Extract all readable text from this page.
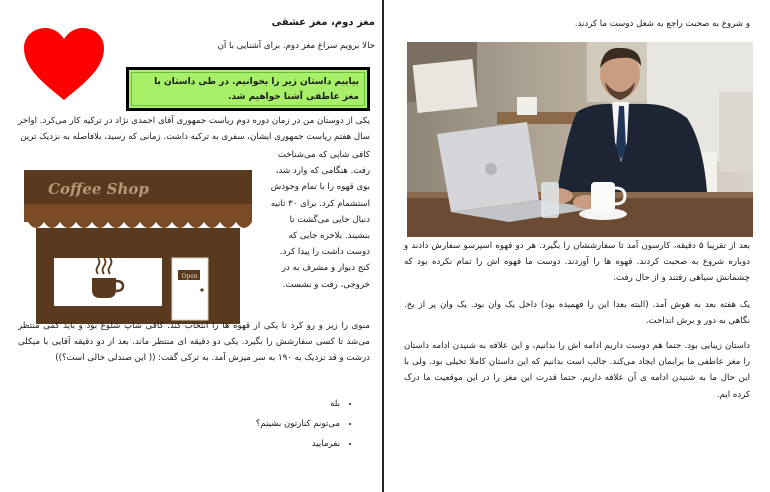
مغز دوم، مغز عشقی
حالا برویم سراغ مغز دوم. برای آشنایی با آن
بیاییم داستان زیر را بخوانیم. در طی داستان با مغز عاطفی آشنا خواهیم شد.
یکی از دوستان من در زمان دوره دوم ریاست جمهوری آقای احمدی نژاد در ترکیه کار می‌کرد. اواخر سال هفتم ریاست جمهوری ایشان، سفری به ترکیه داشت. زمانی که رسید، بلافاصله به نزدیک ترین
کافی شاپی که می‌شناخت
رفت. هنگامی که وارد شد،
بوی قهوه را با تمام وجودش
استشمام کرد. برای ۳۰ ثانیه
دنبال جایی می‌گشت تا
بنشیند. بلاخره جایی که
دوست داشت را پیدا کرد.
کنج دیوار و مشرف به در
خروجی، رفت و نشست.
Coffee Shop
Open
منوی را زیر و رو کرد تا یکی از قهوه ها را انتخاب کند. کافی شاپ شلوغ بود و باید کمی منتظر می‌شد تا کسی سفارشش را بگیرد. یکی دو دقیقه ای منتظر ماند. بعد از دو دقیقه آقایی با میکلی درشت و قد نزدیک به ۱۹۰ به سر میزش آمد. به ترکی گفت: (( این صندلی خالی است؟))
• بله
• می‌تونم کنارتون بشینم؟
• بفرمایید
و شروع به صحبت راجع به شغل دوست ما کردند.
بعد از تقریبا ۵ دقیقه، کارسون آمد تا سفارششان را بگیرد. هر دو قهوه اسپرسو سفارش دادند و دوباره شروع به صحبت کردند. قهوه ها را آوردند. دوست ما قهوه اش را تمام نکرده بود که چشمانش سیاهی رفتند و از حال رفت.
یک هفته بعد به هوش آمد. (البته بعدا این را فهمیده بود) داخل یک وان بود. یک وان پر از یخ. نگاهی به دور و برش انداخت.
داستان زیبایی بود. حتما هم دوست داریم ادامه اش را بدانیم، و این علاقه به شنیدن ادامه داستان را مغز عاطفی ما برایمان ایجاد می‌کند. جالب است بدانیم که این داستان کاملا تخیلی بود. ولی با این حال ما به شنیدن ادامه ی آن علاقه داریم. حتما قدرت این مغز را در این موقعیت ما درک کرده ایم.
